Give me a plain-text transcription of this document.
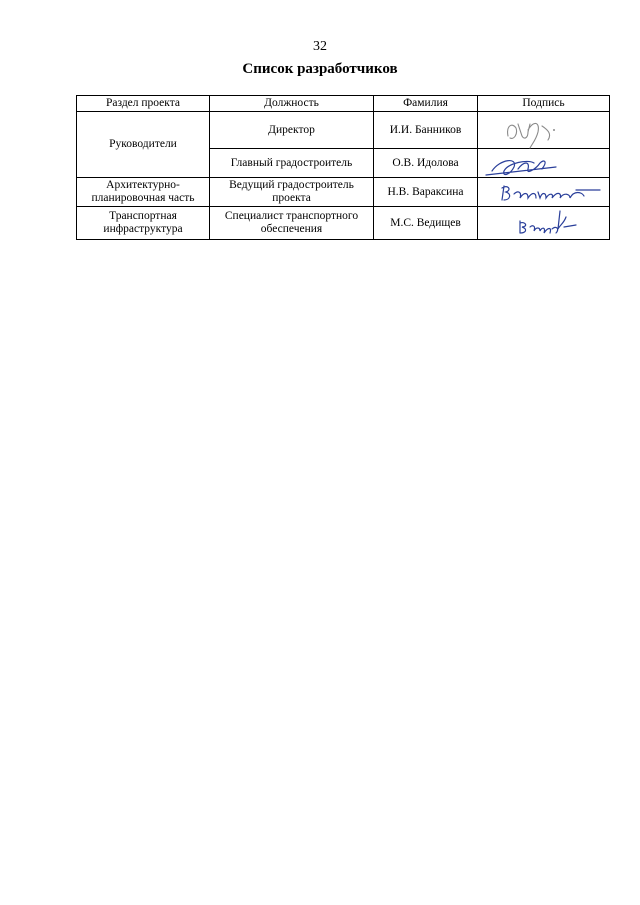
32
Список разработчиков
Раздел проекта	Должность	Фамилия	Подпись
Руководители	Директор	И.И. Банников	

	Главный градостроитель	О.В. Идолова	

Архитектурно-планировочная часть	Ведущий градостроитель проекта	Н.В. Вараксина	

Транспортная инфраструктура	Специалист транспортного обеспечения	М.С. Ведищев	
